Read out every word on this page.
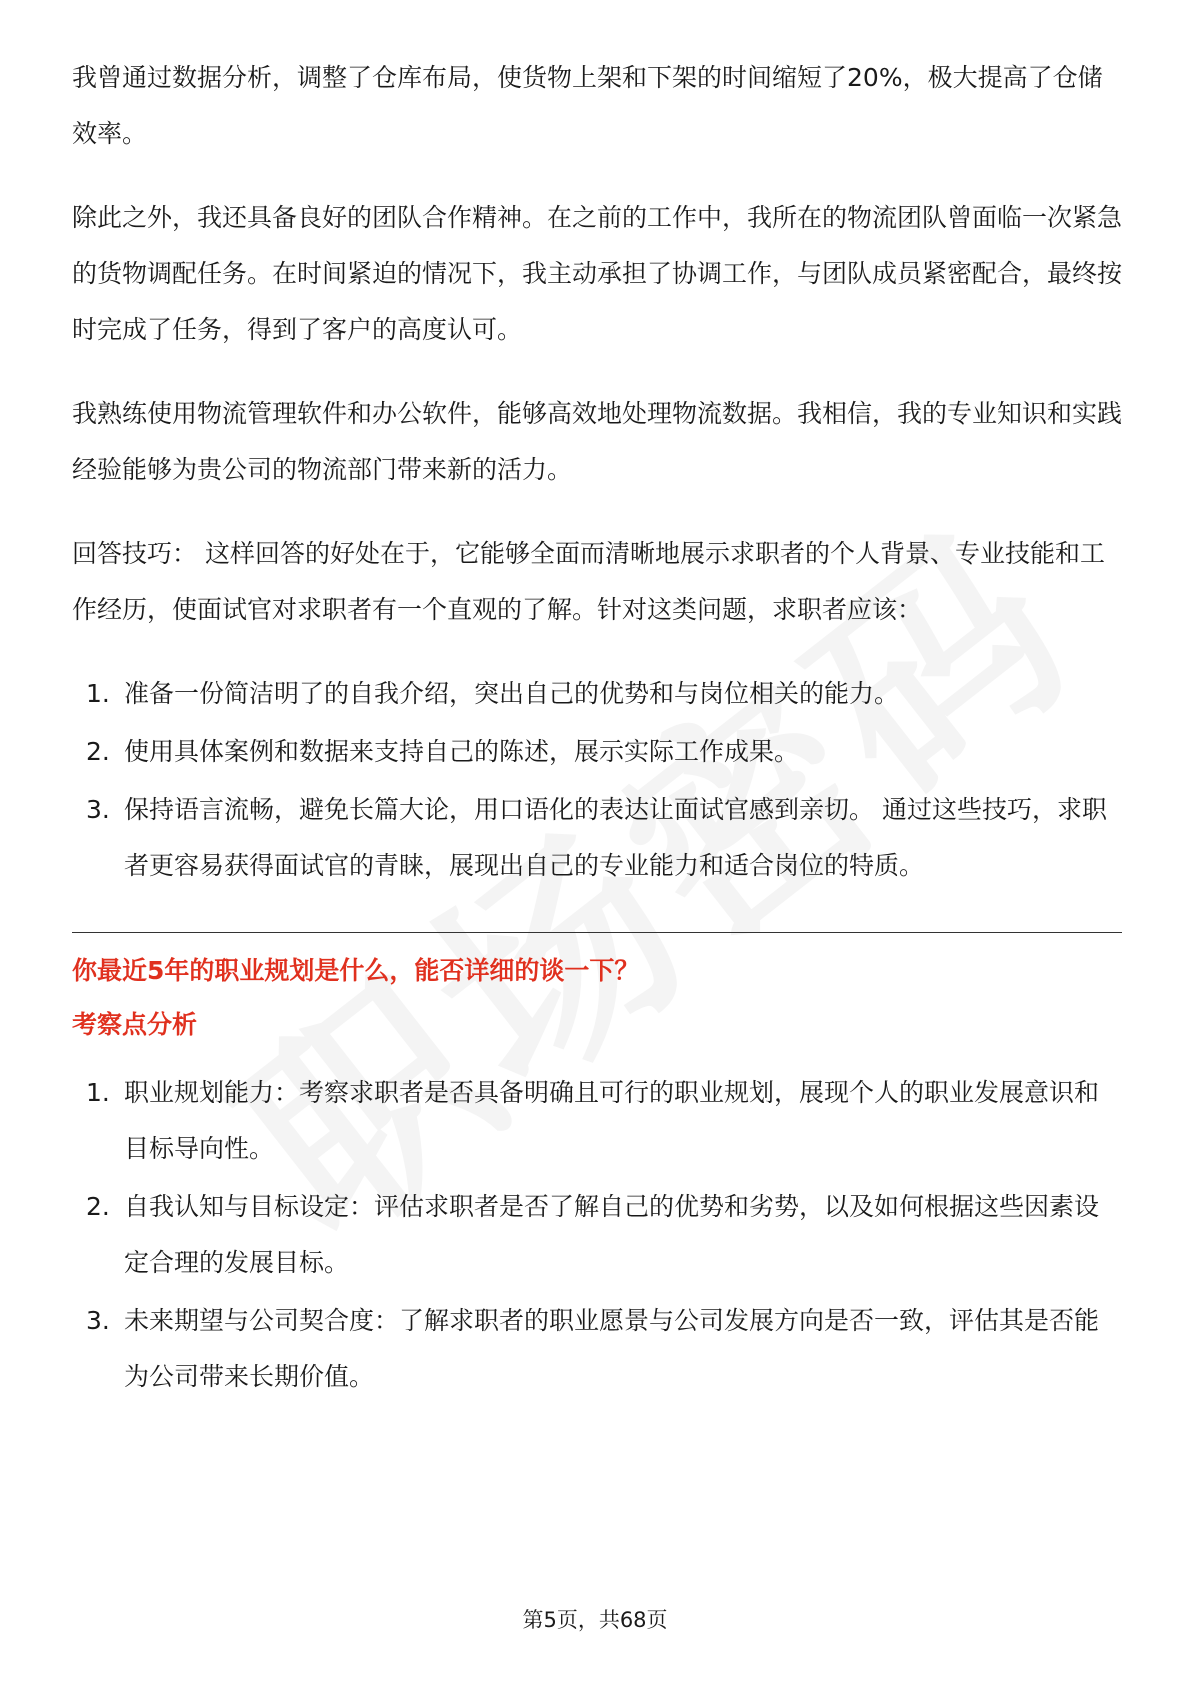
我曾通过数据分析，调整了仓库布局，使货物上架和下架的时间缩短了20%，极大提高了仓储效率。

除此之外，我还具备良好的团队合作精神。在之前的工作中，我所在的物流团队曾面临一次紧急的货物调配任务。在时间紧迫的情况下，我主动承担了协调工作，与团队成员紧密配合，最终按时完成了任务，得到了客户的高度认可。

我熟练使用物流管理软件和办公软件，能够高效地处理物流数据。我相信，我的专业知识和实践经验能够为贵公司的物流部门带来新的活力。

回答技巧： 这样回答的好处在于，它能够全面而清晰地展示求职者的个人背景、专业技能和工作经历，使面试官对求职者有一个直观的了解。针对这类问题，求职者应该：

1. 准备一份简洁明了的自我介绍，突出自己的优势和与岗位相关的能力。
2. 使用具体案例和数据来支持自己的陈述，展示实际工作成果。
3. 保持语言流畅，避免长篇大论，用口语化的表达让面试官感到亲切。 通过这些技巧，求职者更容易获得面试官的青睐，展现出自己的专业能力和适合岗位的特质。
你最近5年的职业规划是什么，能否详细的谈一下？
考察点分析
1. 职业规划能力：考察求职者是否具备明确且可行的职业规划，展现个人的职业发展意识和目标导向性。
2. 自我认知与目标设定：评估求职者是否了解自己的优势和劣势，以及如何根据这些因素设定合理的发展目标。
3. 未来期望与公司契合度：了解求职者的职业愿景与公司发展方向是否一致，评估其是否能为公司带来长期价值。
第5页，共68页
